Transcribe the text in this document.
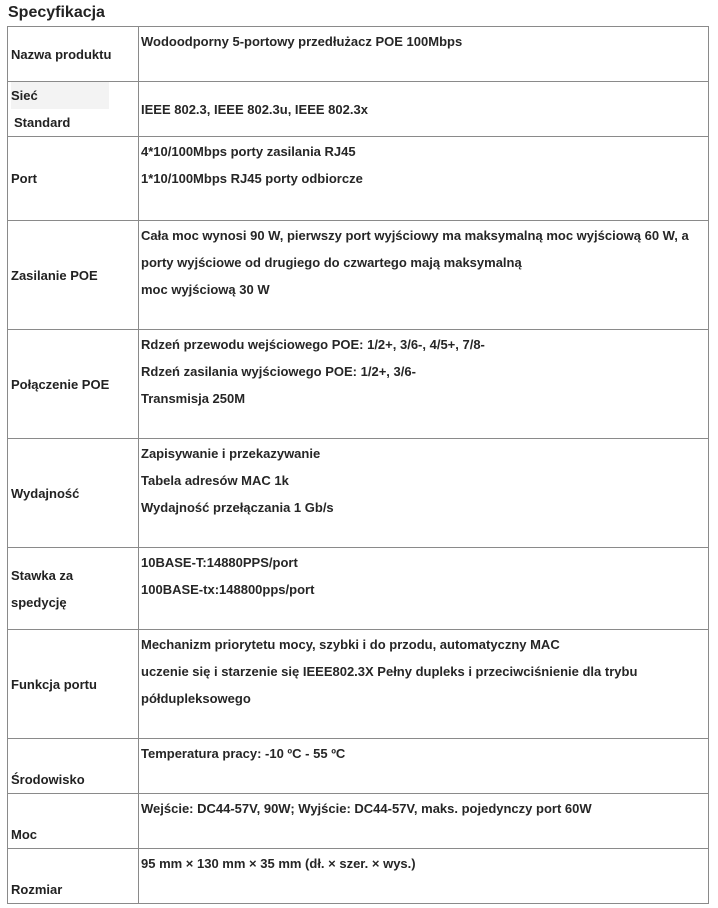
Specyfikacja
Nazwa produktu	Wodoodporny 5-portowy przedłużacz POE 100Mbps

Sieć
Standard	IEEE 802.3, IEEE 802.3u, IEEE 802.3x

Port	4*10/100Mbps porty zasilania RJ45
1*10/100Mbps RJ45 porty odbiorcze

Zasilanie POE	Cała moc wynosi 90 W, pierwszy port wyjściowy ma maksymalną moc wyjściową 60 W, a porty wyjściowe od drugiego do czwartego mają maksymalną
moc wyjściową 30 W

Połączenie POE	Rdzeń przewodu wejściowego POE: 1/2+, 3/6-, 4/5+, 7/8-
Rdzeń zasilania wyjściowego POE: 1/2+, 3/6-
Transmisja 250M

Wydajność	Zapisywanie i przekazywanie
Tabela adresów MAC 1k
Wydajność przełączania 1 Gb/s

Stawka za
spedycję	10BASE-T:14880PPS/port
100BASE-tx:148800pps/port

Funkcja portu	Mechanizm priorytetu mocy, szybki i do przodu, automatyczny MAC
uczenie się i starzenie się IEEE802.3X Pełny dupleks i przeciwciśnienie dla trybu półdupleksowego

Środowisko	Temperatura pracy: -10 ºC - 55 ºC

Moc	Wejście: DC44-57V, 90W; Wyjście: DC44-57V, maks. pojedynczy port 60W

Rozmiar	95 mm × 130 mm × 35 mm (dł. × szer. × wys.)
